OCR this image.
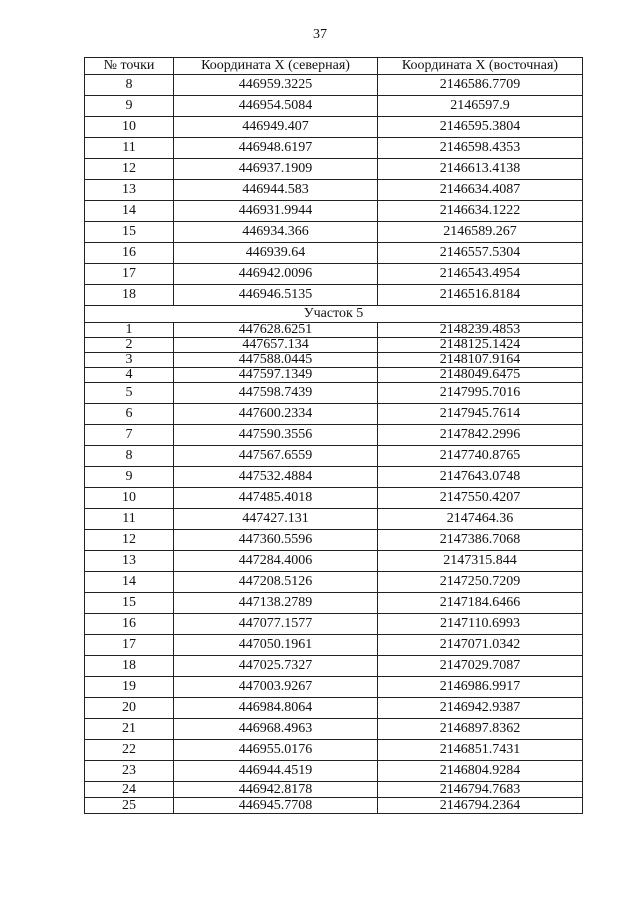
37
№ точки	Координата X (северная)	Координата X (восточная)
8	446959.3225	2146586.7709
9	446954.5084	2146597.9
10	446949.407	2146595.3804
11	446948.6197	2146598.4353
12	446937.1909	2146613.4138
13	446944.583	2146634.4087
14	446931.9944	2146634.1222
15	446934.366	2146589.267
16	446939.64	2146557.5304
17	446942.0096	2146543.4954
18	446946.5135	2146516.8184
Участок 5		
1	447628.6251	2148239.4853
2	447657.134	2148125.1424
3	447588.0445	2148107.9164
4	447597.1349	2148049.6475
5	447598.7439	2147995.7016
6	447600.2334	2147945.7614
7	447590.3556	2147842.2996
8	447567.6559	2147740.8765
9	447532.4884	2147643.0748
10	447485.4018	2147550.4207
11	447427.131	2147464.36
12	447360.5596	2147386.7068
13	447284.4006	2147315.844
14	447208.5126	2147250.7209
15	447138.2789	2147184.6466
16	447077.1577	2147110.6993
17	447050.1961	2147071.0342
18	447025.7327	2147029.7087
19	447003.9267	2146986.9917
20	446984.8064	2146942.9387
21	446968.4963	2146897.8362
22	446955.0176	2146851.7431
23	446944.4519	2146804.9284
24	446942.8178	2146794.7683
25	446945.7708	2146794.2364
